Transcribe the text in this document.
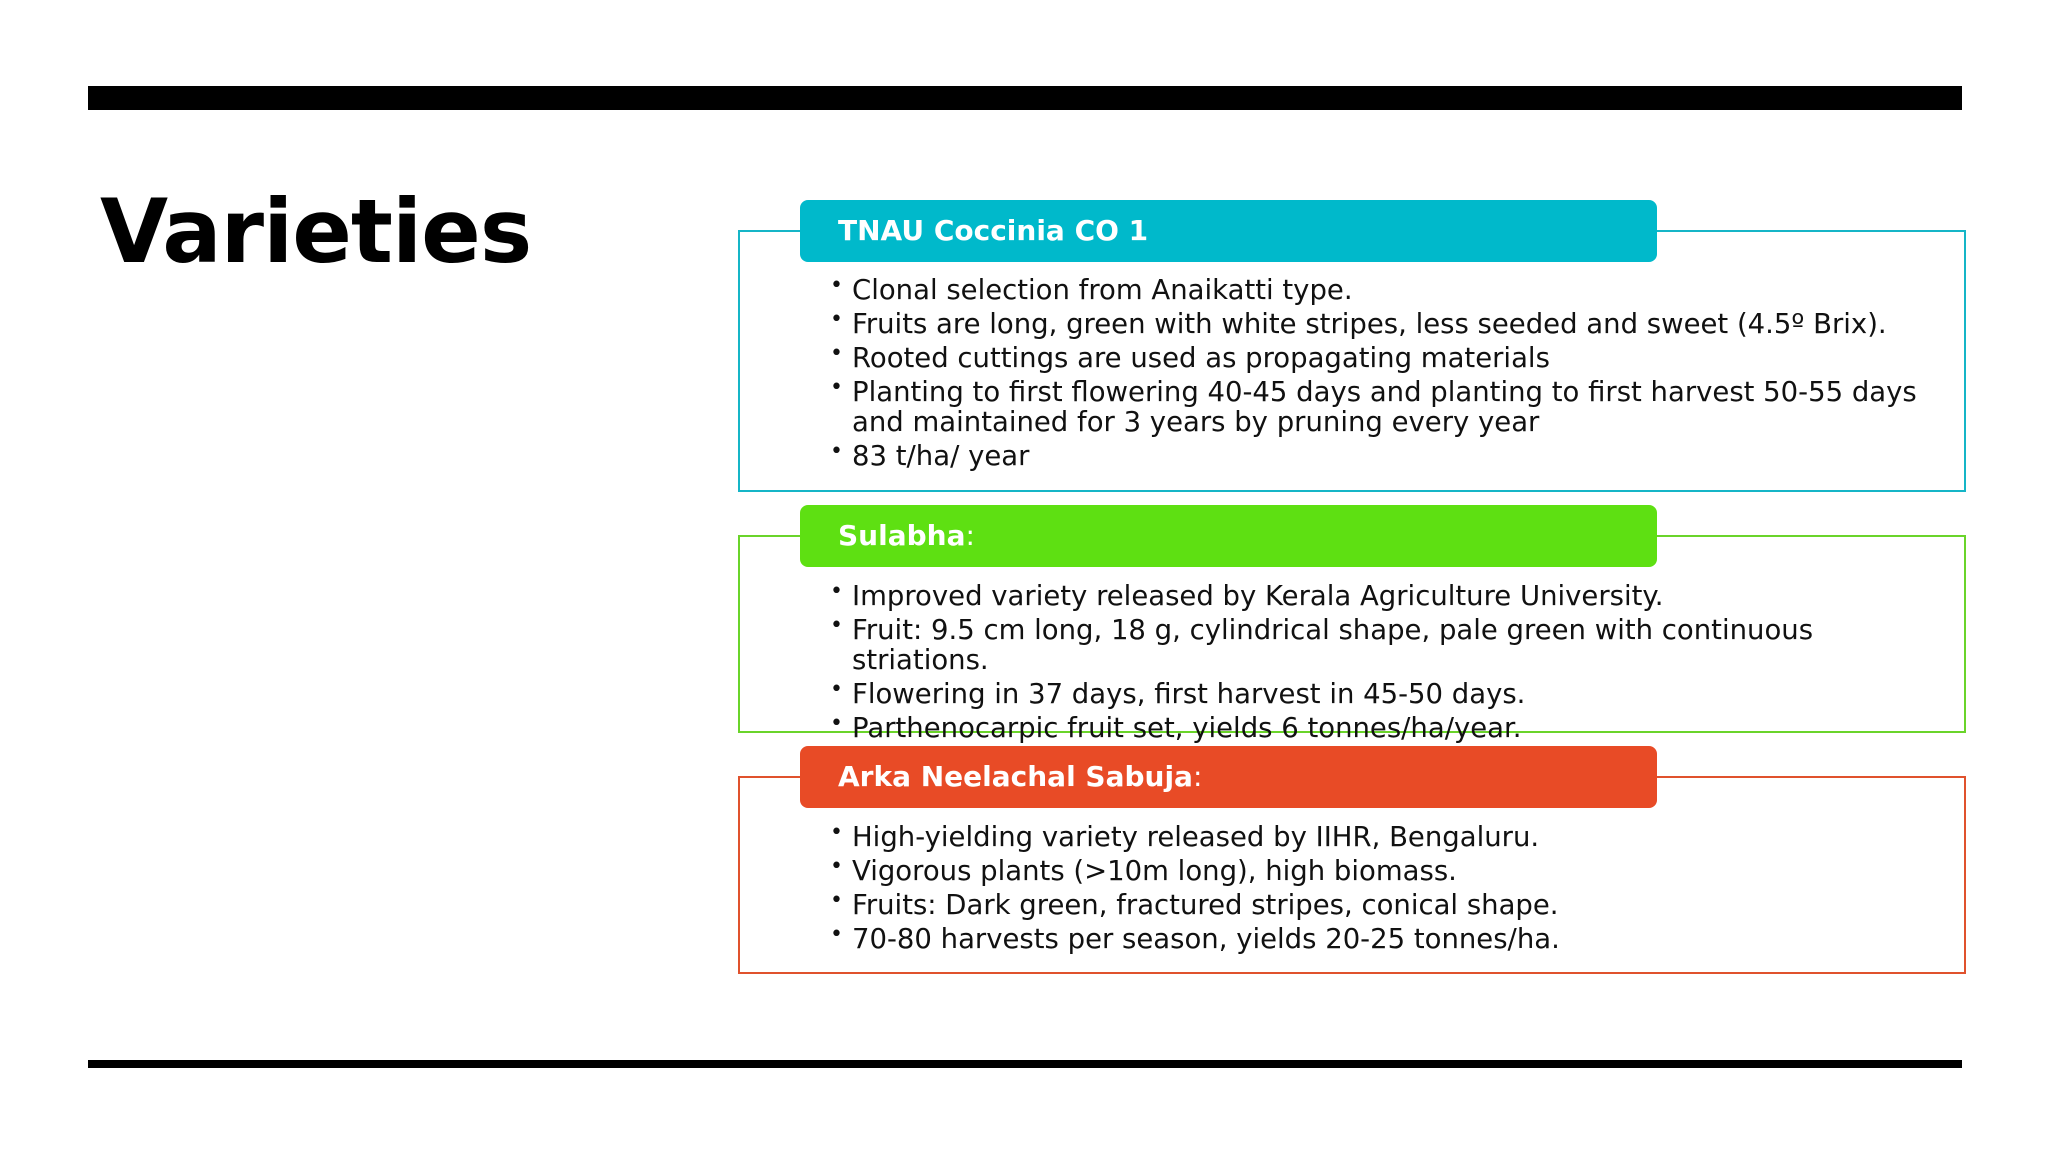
Varieties	TNAU Coccinia CO 1
• Clonal selection from Anaikatti type.
• Fruits are long, green with white stripes, less seeded and sweet (4.5º Brix).
• Rooted cuttings are used as propagating materials
• Planting to first flowering 40-45 days and planting to first harvest 50-55 days and maintained for 3 years by pruning every year
• 83 t/ha/ year
Sulabha:
• Improved variety released by Kerala Agriculture University.
• Fruit: 9.5 cm long, 18 g, cylindrical shape, pale green with continuous striations.
• Flowering in 37 days, first harvest in 45-50 days.
• Parthenocarpic fruit set, yields 6 tonnes/ha/year.
Arka Neelachal Sabuja:
• High-yielding variety released by IIHR, Bengaluru.
• Vigorous plants (>10m long), high biomass.
• Fruits: Dark green, fractured stripes, conical shape.
• 70-80 harvests per season, yields 20-25 tonnes/ha.
